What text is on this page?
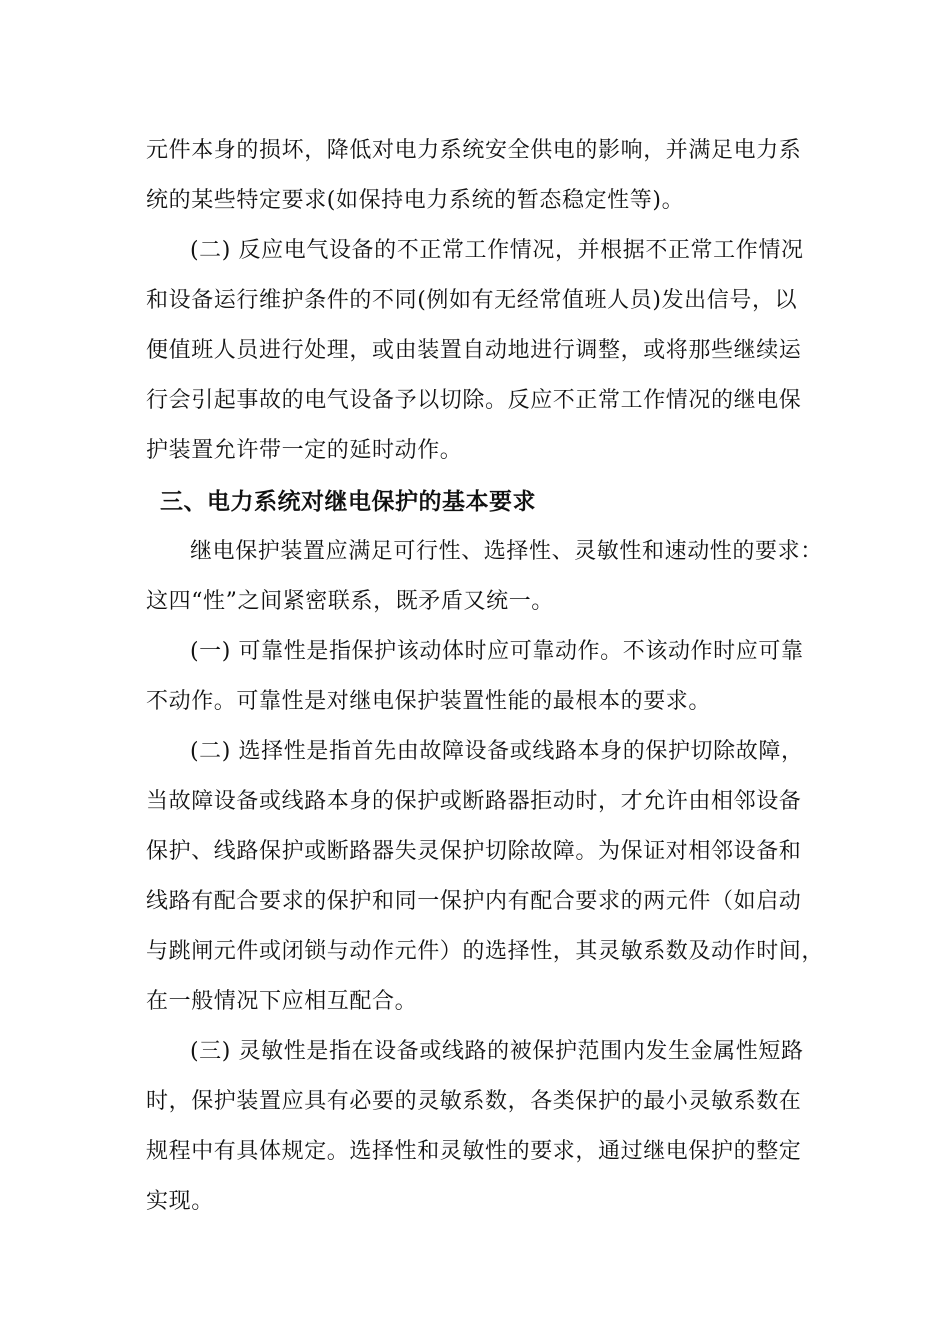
元件本身的损坏，降低对电力系统安全供电的影响，并满足电力系
统的某些特定要求(如保持电力系统的暂态稳定性等)。
(二) 反应电气设备的不正常工作情况，并根据不正常工作情况
和设备运行维护条件的不同(例如有无经常值班人员)发出信号，以
便值班人员进行处理，或由装置自动地进行调整，或将那些继续运
行会引起事故的电气设备予以切除。反应不正常工作情况的继电保
护装置允许带一定的延时动作。
三、电力系统对继电保护的基本要求
继电保护装置应满足可行性、选择性、灵敏性和速动性的要求：
这四“性”之间紧密联系，既矛盾又统一。
(一) 可靠性是指保护该动体时应可靠动作。不该动作时应可靠
不动作。可靠性是对继电保护装置性能的最根本的要求。
(二) 选择性是指首先由故障设备或线路本身的保护切除故障，
当故障设备或线路本身的保护或断路器拒动时，才允许由相邻设备
保护、线路保护或断路器失灵保护切除故障。为保证对相邻设备和
线路有配合要求的保护和同一保护内有配合要求的两元件（如启动
与跳闸元件或闭锁与动作元件）的选择性，其灵敏系数及动作时间，
在一般情况下应相互配合。
(三) 灵敏性是指在设备或线路的被保护范围内发生金属性短路
时，保护装置应具有必要的灵敏系数，各类保护的最小灵敏系数在
规程中有具体规定。选择性和灵敏性的要求，通过继电保护的整定
实现。
